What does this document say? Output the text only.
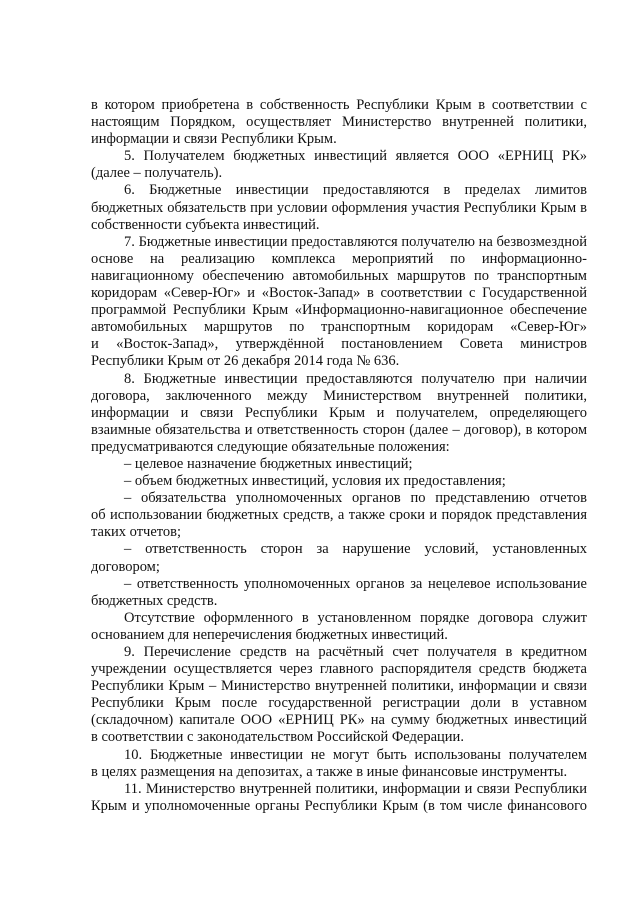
в котором приобретена в собственность Республики Крым в соответствии с
настоящим Порядком, осуществляет Министерство внутренней политики,
информации и связи Республики Крым.
5. Получателем бюджетных инвестиций является ООО «ЕРНИЦ РК»
(далее – получатель).
6. Бюджетные инвестиции предоставляются в пределах лимитов
бюджетных обязательств при условии оформления участия Республики Крым в
собственности субъекта инвестиций.
7. Бюджетные инвестиции предоставляются получателю на безвозмездной
основе на реализацию комплекса мероприятий по информационно-
навигационному обеспечению автомобильных маршрутов по транспортным
коридорам «Север-Юг» и «Восток-Запад» в соответствии с Государственной
программой Республики Крым «Информационно-навигационное обеспечение
автомобильных маршрутов по транспортным коридорам «Север-Юг»
и «Восток-Запад», утверждённой постановлением Совета министров
Республики Крым от 26 декабря 2014 года № 636.
8. Бюджетные инвестиции предоставляются получателю при наличии
договора, заключенного между Министерством внутренней политики,
информации и связи Республики Крым и получателем, определяющего
взаимные обязательства и ответственность сторон (далее – договор), в котором
предусматриваются следующие обязательные положения:
– целевое назначение бюджетных инвестиций;
– объем бюджетных инвестиций, условия их предоставления;
– обязательства уполномоченных органов по представлению отчетов
об использовании бюджетных средств, а также сроки и порядок представления
таких отчетов;
– ответственность сторон за нарушение условий, установленных
договором;
– ответственность уполномоченных органов за нецелевое использование
бюджетных средств.
Отсутствие оформленного в установленном порядке договора служит
основанием для неперечисления бюджетных инвестиций.
9. Перечисление средств на расчётный счет получателя в кредитном
учреждении осуществляется через главного распорядителя средств бюджета
Республики Крым – Министерство внутренней политики, информации и связи
Республики Крым после государственной регистрации доли в уставном
(складочном) капитале ООО «ЕРНИЦ РК» на сумму бюджетных инвестиций
в соответствии с законодательством Российской Федерации.
10. Бюджетные инвестиции не могут быть использованы получателем
в целях размещения на депозитах, а также в иные финансовые инструменты.
11. Министерство внутренней политики, информации и связи Республики
Крым и уполномоченные органы Республики Крым (в том числе финансового
